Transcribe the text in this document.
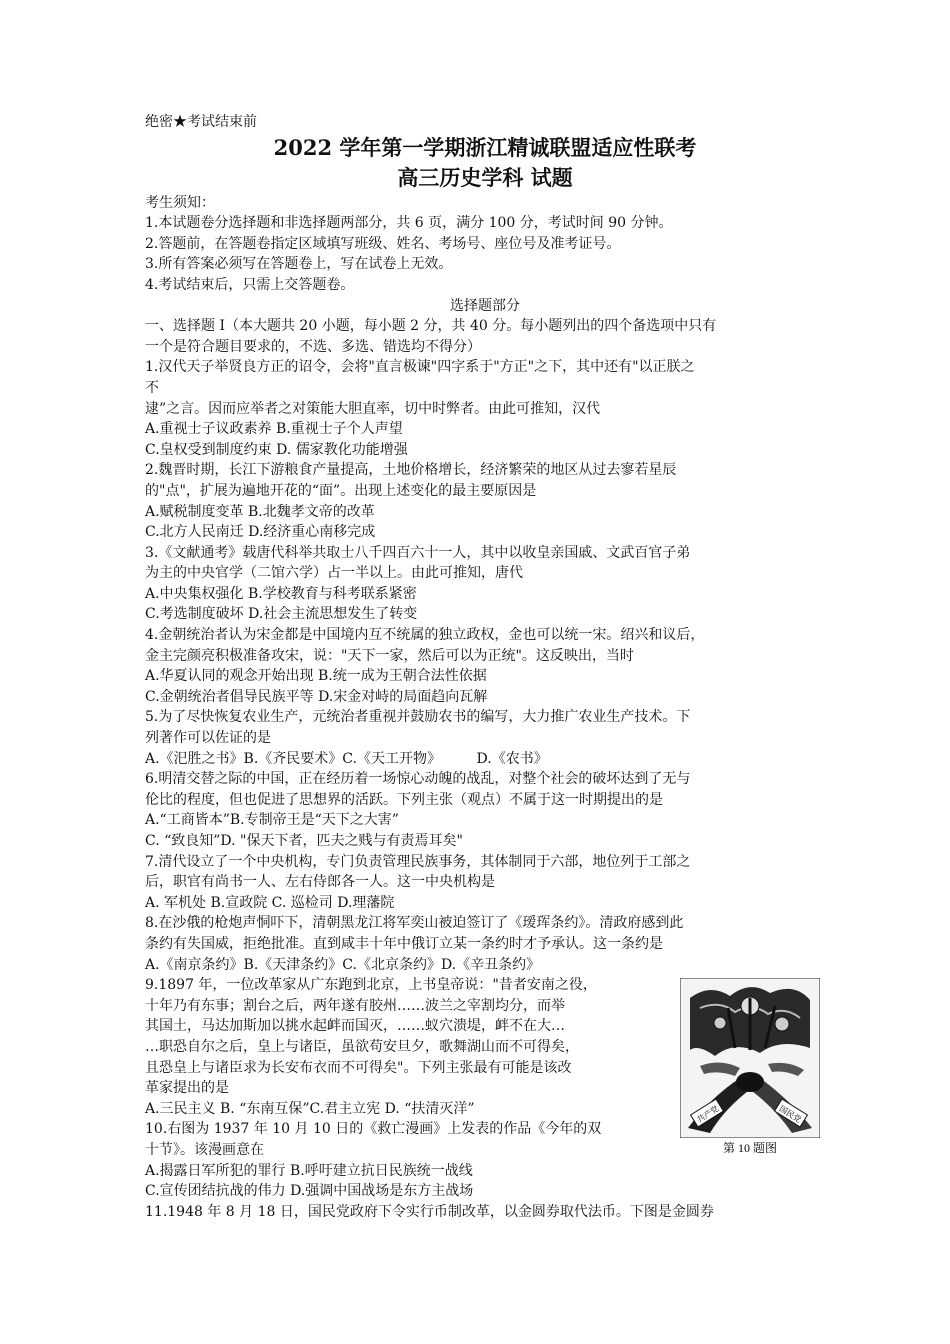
绝密★考试结束前
2022 学年第一学期浙江精诚联盟适应性联考
高三历史学科 试题
考生须知：
1.本试题卷分选择题和非选择题两部分，共 6 页，满分 100 分，考试时间 90 分钟。
2.答题前，在答题卷指定区域填写班级、姓名、考场号、座位号及准考证号。
3.所有答案必须写在答题卷上，写在试卷上无效。
4.考试结束后，只需上交答题卷。
选择题部分
一、选择题 I（本大题共 20 小题，每小题 2 分，共 40 分。每小题列出的四个备选项中只有
一个是符合题目要求的，不选、多选、错选均不得分）
1.汉代天子举贤良方正的诏令，会将"直言极谏"四字系于"方正"之下，其中还有"以正朕之
不
逮”之言。因而应举者之对策能大胆直率，切中时弊者。由此可推知，汉代
A.重视士子议政素养 B.重视士子个人声望
C.皇权受到制度约束 D. 儒家教化功能增强
2.魏晋时期，长江下游粮食产量提高，土地价格增长，经济繁荣的地区从过去寥若星辰
的"点"，扩展为遍地开花的“面”。出现上述变化的最主要原因是
A.赋税制度变革 B.北魏孝文帝的改革
C.北方人民南迁 D.经济重心南移完成
3.《文献通考》载唐代科举共取士八千四百六十一人，其中以收皇亲国戚、文武百官子弟
为主的中央官学（二馆六学）占一半以上。由此可推知，唐代
A.中央集权强化 B.学校教育与科考联系紧密
C.考选制度破坏 D.社会主流思想发生了转变
4.金朝统治者认为宋金都是中国境内互不统属的独立政权，金也可以统一宋。绍兴和议后，
金主完颜亮积极准备攻宋，说："天下一家，然后可以为正统"。这反映出，当时
A.华夏认同的观念开始出现 B.统一成为王朝合法性依据
C.金朝统治者倡导民族平等 D.宋金对峙的局面趋向瓦解
5.为了尽快恢复农业生产，元统治者重视并鼓励农书的编写，大力推广农业生产技术。下
列著作可以佐证的是
A.《汜胜之书》B.《齐民要术》C.《天工开物》        D.《农书》
6.明清交替之际的中国，正在经历着一场惊心动魄的战乱，对整个社会的破坏达到了无与
伦比的程度，但也促进了思想界的活跃。下列主张（观点）不属于这一时期提出的是
A.“工商皆本”B.专制帝王是“天下之大害”
C. “致良知”D. "保天下者，匹夫之贱与有责焉耳矣"
7.清代设立了一个中央机构，专门负责管理民族事务，其体制同于六部，地位列于工部之
后，职官有尚书一人、左右侍郎各一人。这一中央机构是
A. 军机处 B.宣政院 C. 巡检司 D.理藩院
8.在沙俄的枪炮声恫吓下，清朝黑龙江将军奕山被迫签订了《瑷珲条约》。清政府感到此
条约有失国威，拒绝批准。直到咸丰十年中俄订立某一条约时才予承认。这一条约是
A.《南京条约》B.《天津条约》C.《北京条约》D.《辛丑条约》
9.1897 年，一位改革家从广东跑到北京，上书皇帝说："昔者安南之役，
十年乃有东事；割台之后，两年遂有胶州……波兰之宰割均分，而举
其国土，马达加斯加以挑水起衅而国灭，……蚁穴溃堤，衅不在大…
…职恐自尔之后，皇上与诸臣，虽欲苟安旦夕，歌舞湖山而不可得矣，
且恐皇上与诸臣求为长安布衣而不可得矣"。下列主张最有可能是该改
革家提出的是
A.三民主义 B. “东南互保”C.君主立宪 D. “扶清灭洋”
10.右图为 1937 年 10 月 10 日的《救亡漫画》上发表的作品《今年的双
十节》。该漫画意在
A.揭露日军所犯的罪行 B.呼吁建立抗日民族统一战线
C.宣传团结抗战的伟力 D.强调中国战场是东方主战场
11.1948 年 8 月 18 日，国民党政府下令实行币制改革，以金圆券取代法币。下图是金圆券
共产党	国民党
第 10 题图
